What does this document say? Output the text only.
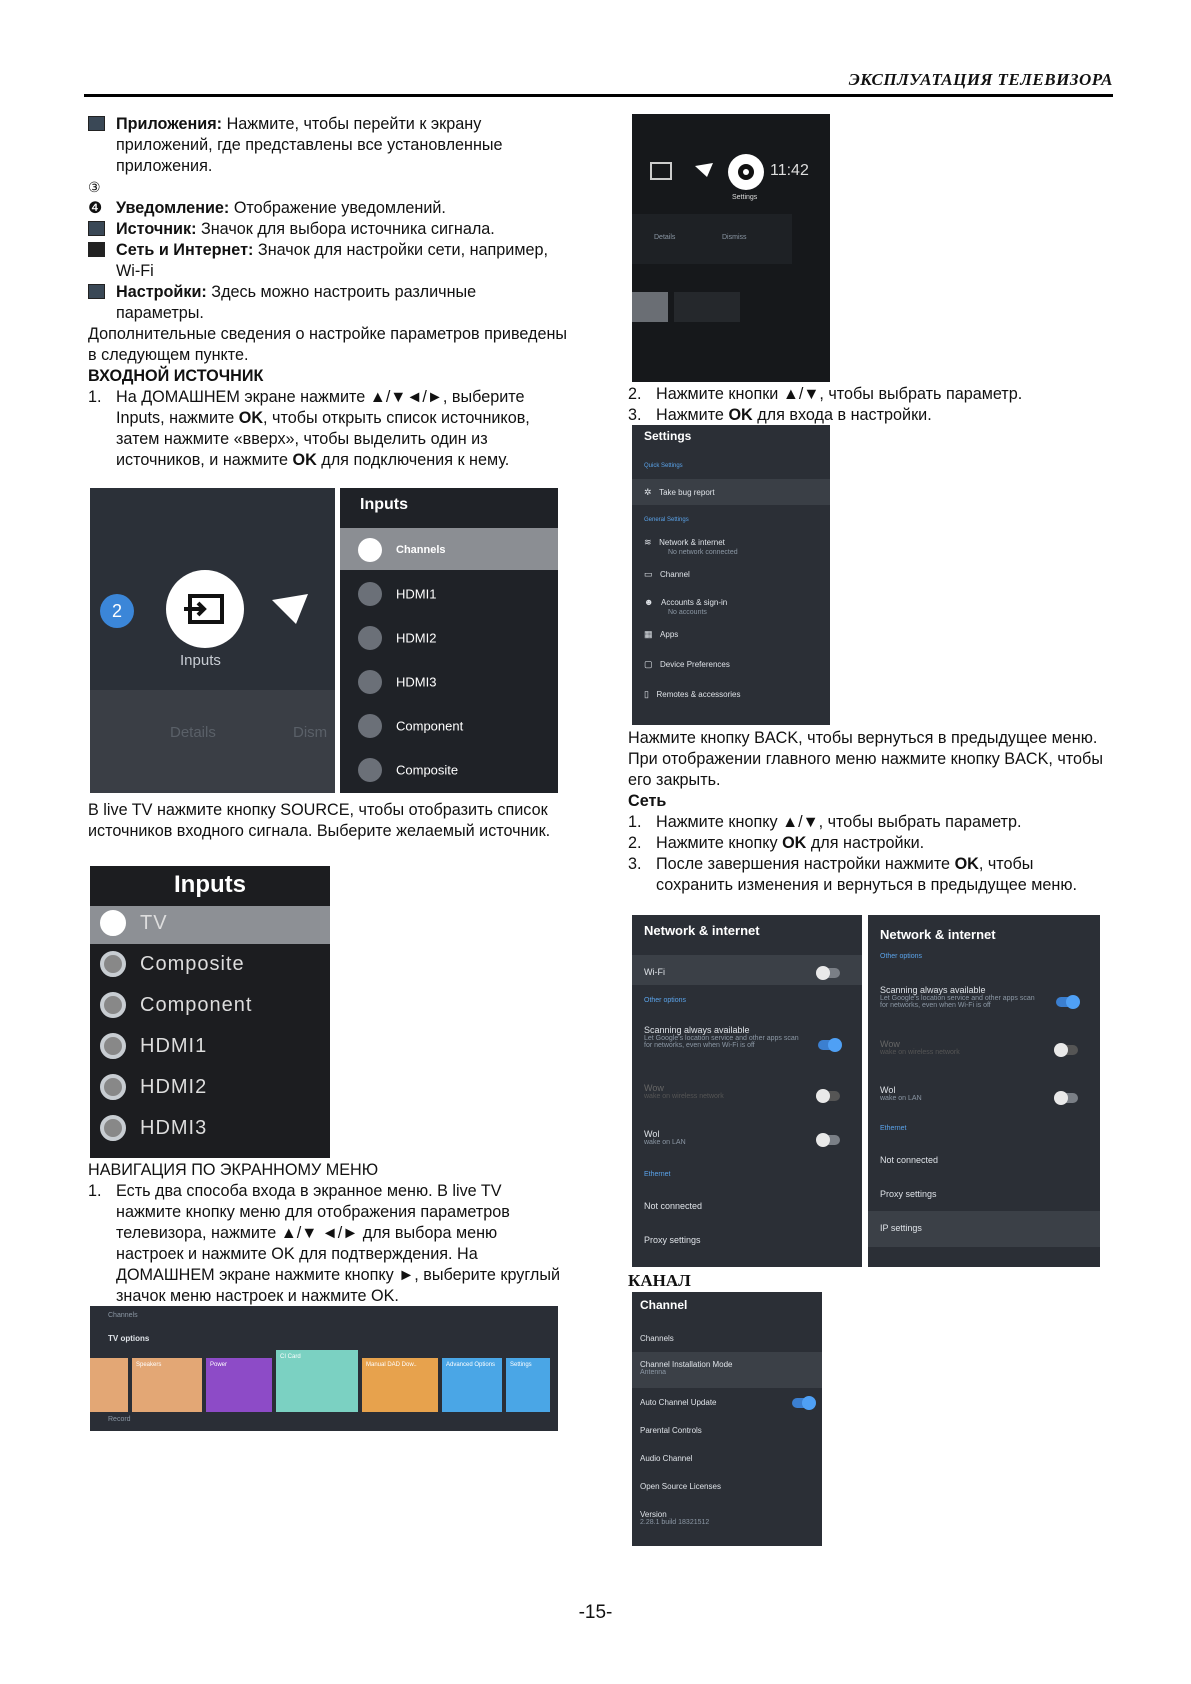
ЭКСПЛУАТАЦИЯ ТЕЛЕВИЗОРА
Приложения: Нажмите, чтобы перейти к экрану приложений, где представлены все установленные приложения.
③
❹ Уведомление: Отображение уведомлений.
Источник: Значок для выбора источника сигнала.
Сеть и Интернет: Значок для настройки сети, например, Wi-Fi
Настройки: Здесь можно настроить различные параметры.
Дополнительные сведения о настройке параметров приведены в следующем пункте.
ВХОДНОЙ ИСТОЧНИК
1. На ДОМАШНЕМ экране нажмите ▲/▼◄/►, выберите Inputs, нажмите OK, чтобы открыть список источников, затем нажмите «вверх», чтобы выделить один из источников, и нажмите OK для подключения к нему.
2
Inputs
Details	Dism
Inputs
Channels
HDMI1
HDMI2
HDMI3
Component
Composite
В live TV нажмите кнопку SOURCE, чтобы отобразить список источников входного сигнала. Выберите желаемый источник.
Inputs
TV
Composite
Component
HDMI1
HDMI2
HDMI3
НАВИГАЦИЯ ПО ЭКРАННОМУ МЕНЮ
1. Есть два способа входа в экранное меню. В live TV нажмите кнопку меню для отображения параметров телевизора, нажмите ▲/▼ ◄/► для выбора меню настроек и нажмите OK для подтверждения. На ДОМАШНЕМ экране нажмите кнопку ►, выберите круглый значок меню настроек и нажмите OK.
Channels
TV options
Speakers	Power
CI Card
Manual DAD Dow..	Advanced Options	Settings
Record
11:42
Settings
Details	Dismiss
2. Нажмите кнопки ▲/▼, чтобы выбрать параметр.
3. Нажмите OK для входа в настройки.
Settings
Quick Settings
✲ Take bug report
General Settings
≋ Network & internet
No network connected
▭ Channel
☻ Accounts & sign-in
No accounts
▦ Apps
▢ Device Preferences
▯ Remotes & accessories
Нажмите кнопку BACK, чтобы вернуться в предыдущее меню. При отображении главного меню нажмите кнопку BACK, чтобы его закрыть.
Сеть
1. Нажмите кнопку ▲/▼, чтобы выбрать параметр.
2. Нажмите кнопку OK для настройки.
3. После завершения настройки нажмите OK, чтобы сохранить изменения и вернуться в предыдущее меню.
Network & internet
Wi-Fi
Other options
Scanning always available
Let Google's location service and other apps scan for networks, even when Wi-Fi is off
Wow
wake on wireless network
Wol
wake on LAN
Ethernet
Not connected
Proxy settings
Network & internet
Other options
Scanning always available
Let Google's location service and other apps scan for networks, even when Wi-Fi is off
Wow
wake on wireless network
Wol
wake on LAN
Ethernet
Not connected
Proxy settings
IP settings
КАНАЛ
Channel
Channels
Channel Installation Mode
Antenna
Auto Channel Update
Parental Controls
Audio Channel
Open Source Licenses
Version
2.28.1 build 18321512
-15-
